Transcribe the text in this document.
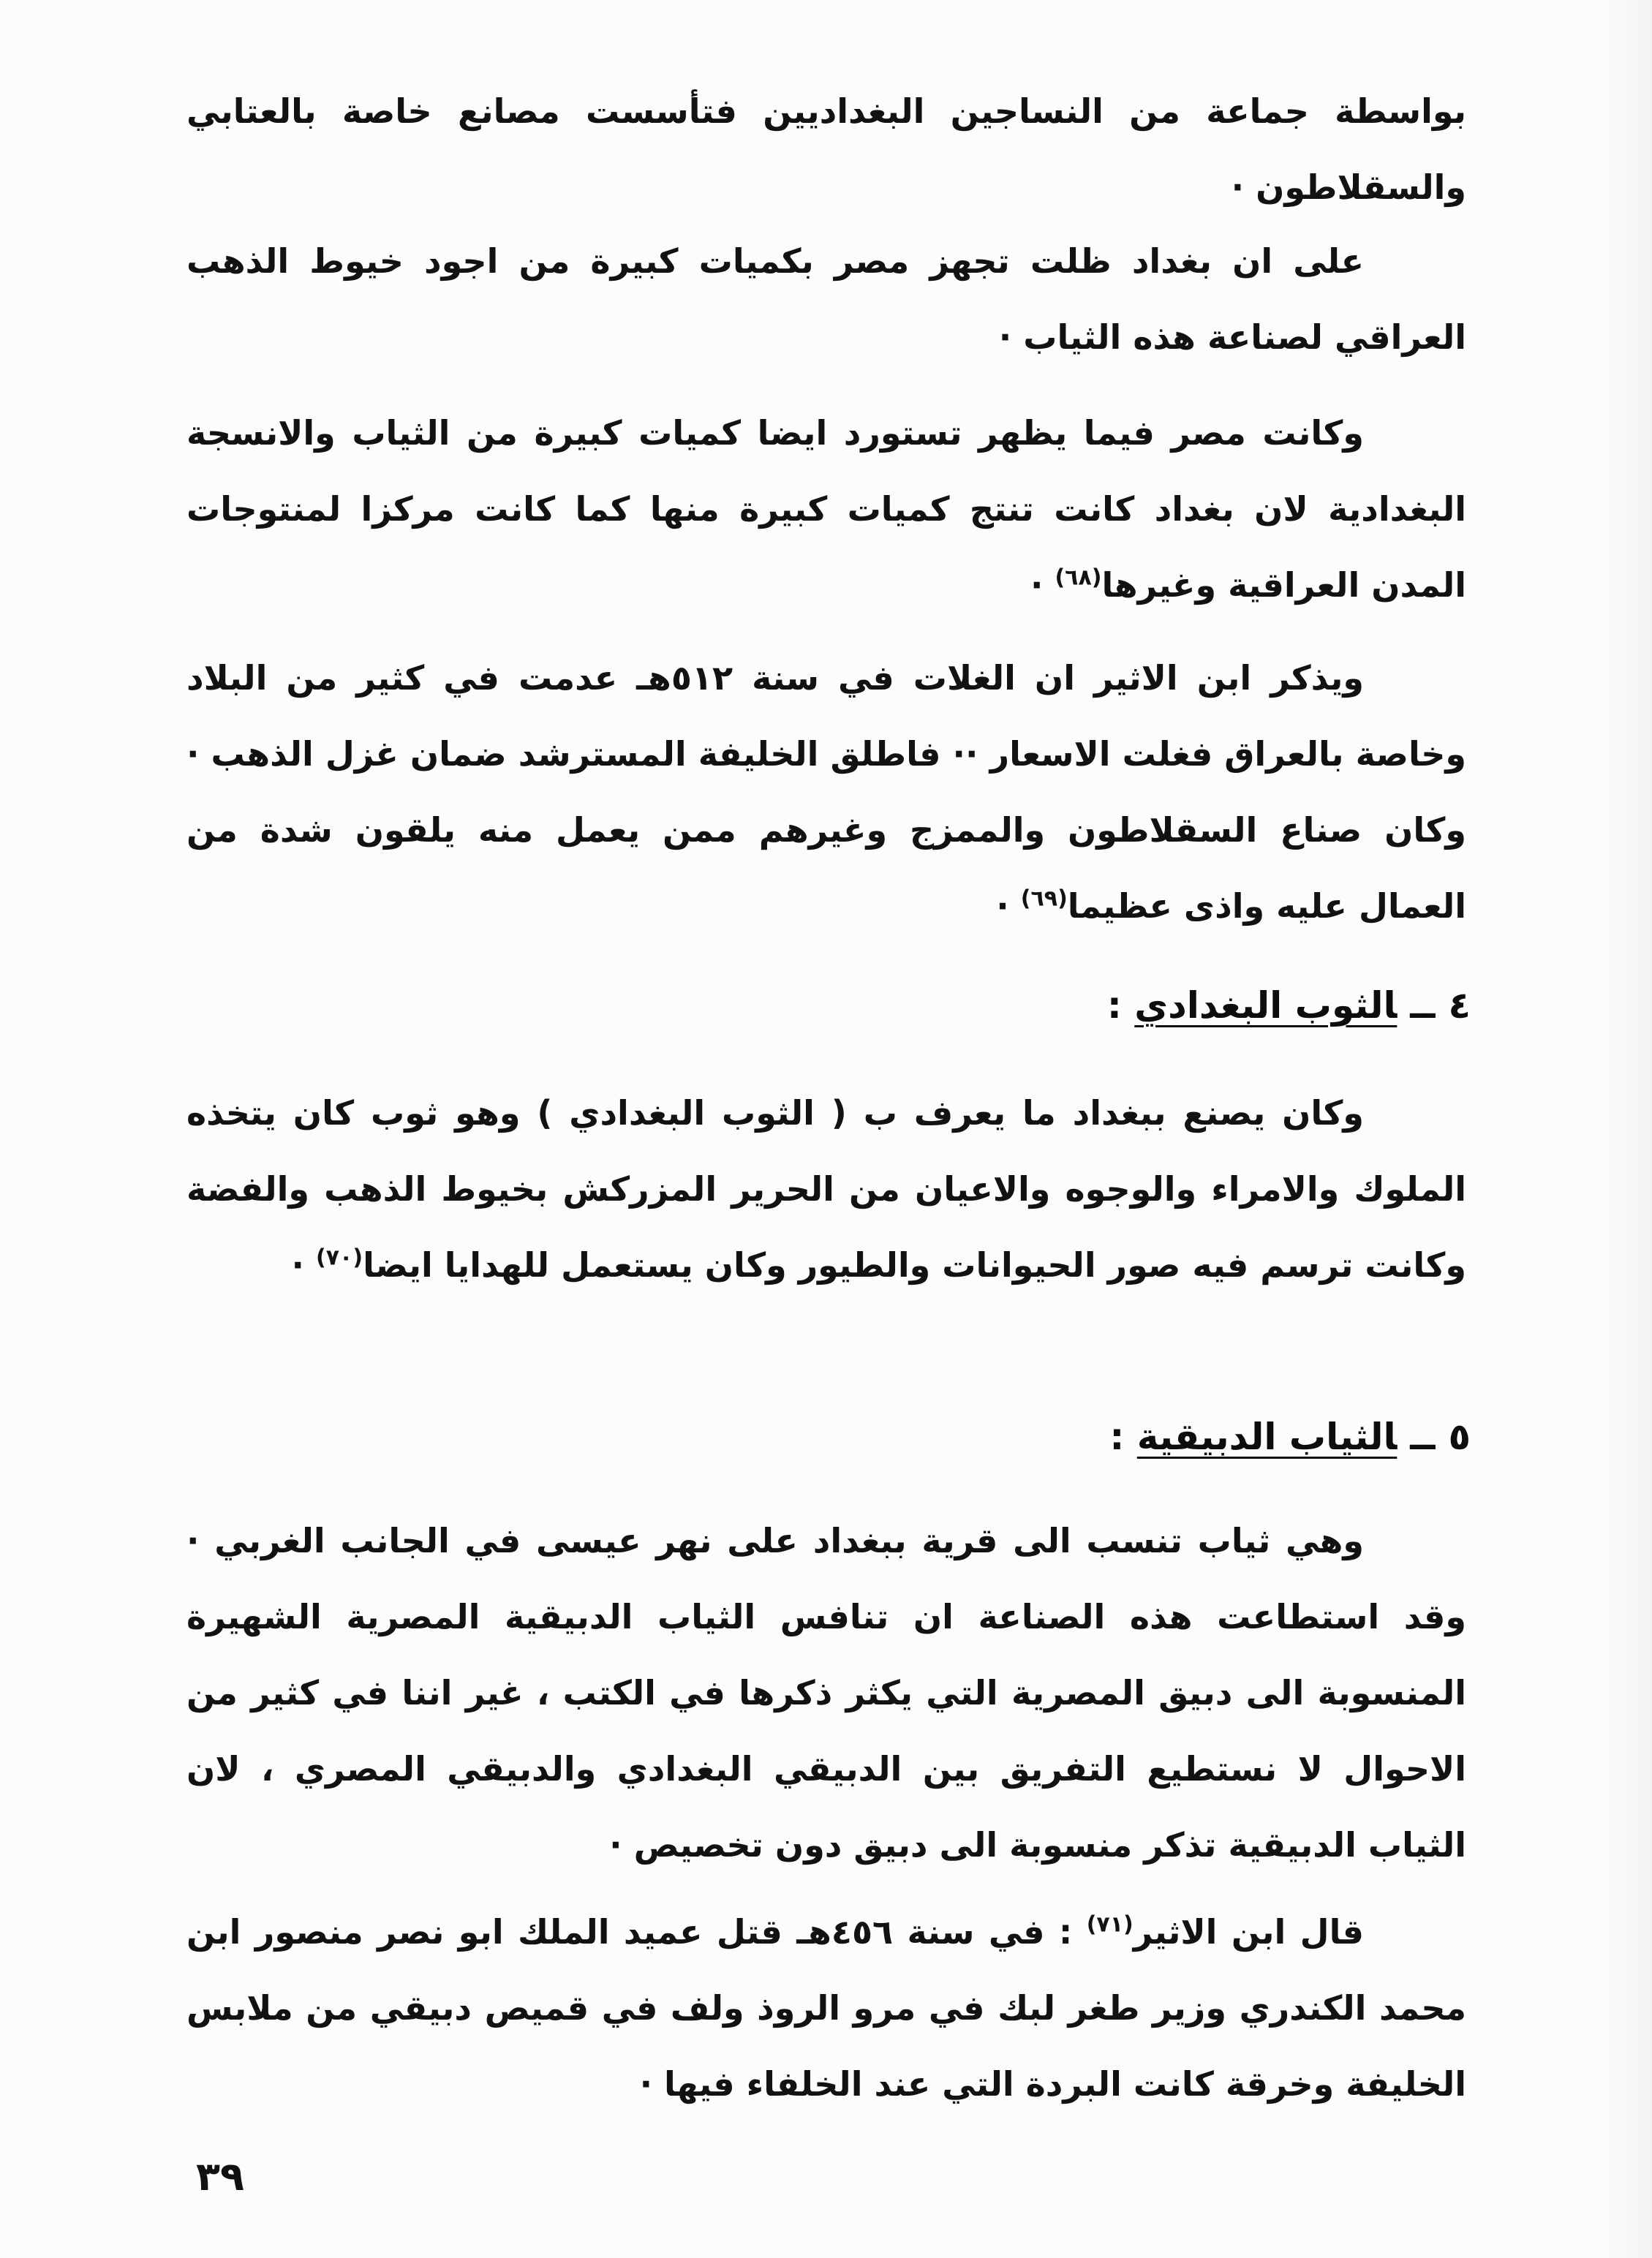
بواسطة جماعة من النساجين البغداديين فتأسست مصانع خاصة بالعتابي والسقلاطون ·

على ان بغداد ظلت تجهز مصر بكميات كبيرة من اجود خيوط الذهب العراقي لصناعة هذه الثياب ·

وكانت مصر فيما يظهر تستورد ايضا كميات كبيرة من الثياب والانسجة البغدادية لان بغداد كانت تنتج كميات كبيرة منها كما كانت مركزا لمنتوجات المدن العراقية وغيرها$^{(٦٨)}$ ·

ويذكر ابن الاثير ان الغلات في سنة ٥١٢هـ عدمت في كثير من البلاد وخاصة بالعراق فغلت الاسعار ·· فاطلق الخليفة المسترشد ضمان غزل الذهب · وكان صناع السقلاطون والممزج وغيرهم ممن يعمل منه يلقون شدة من العمال عليه واذى عظيما$^{(٦٩)}$ ·

٤ــالثوب البغدادي :

وكان يصنع ببغداد ما يعرف ب ( الثوب البغدادي ) وهو ثوب كان يتخذه الملوك والامراء والوجوه والاعيان من الحرير المزركش بخيوط الذهب والفضة وكانت ترسم فيه صور الحيوانات والطيور وكان يستعمل للهدايا ايضا$^{(٧٠)}$ ·

٥ــالثياب الدبيقية :

وهي ثياب تنسب الى قرية ببغداد على نهر عيسى في الجانب الغربي · وقد استطاعت هذه الصناعة ان تنافس الثياب الدبيقية المصرية الشهيرة المنسوبة الى دبيق المصرية التي يكثر ذكرها في الكتب ، غير اننا في كثير من الاحوال لا نستطيع التفريق بين الدبيقي البغدادي والدبيقي المصري ، لان الثياب الدبيقية تذكر منسوبة الى دبيق دون تخصيص ·

قال ابن الاثير$^{(٧١)}$ : في سنة ٤٥٦هـ قتل عميد الملك ابو نصر منصور ابن محمد الكندري وزير طغر لبك في مرو الروذ ولف في قميص دبيقي من ملابس الخليفة وخرقة كانت البردة التي عند الخلفاء فيها ·

٣٩
